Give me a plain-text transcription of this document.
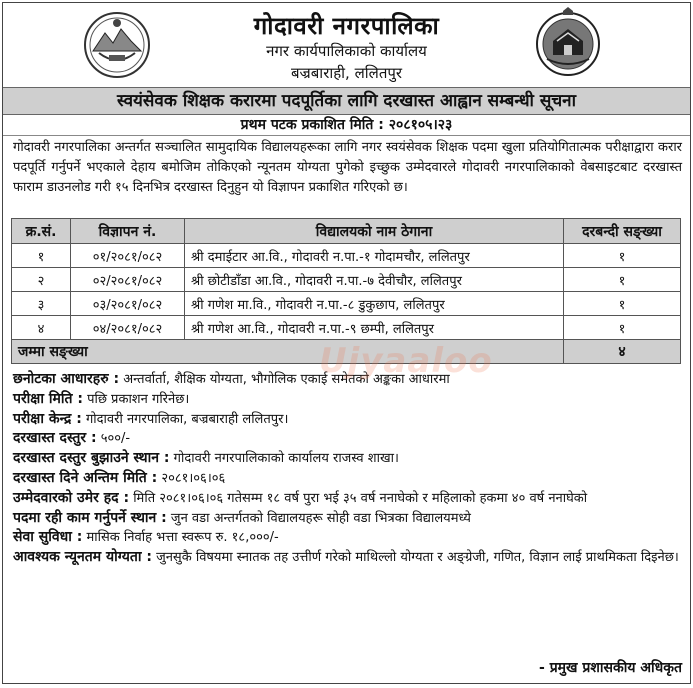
गोदावरी नगरपालिका
नगर कार्यपालिकाको कार्यालय
बज्रबाराही, ललितपुर
स्वयंसेवक शिक्षक करारमा पदपूर्तिका लागि दरखास्त आह्वान सम्बन्धी सूचना
प्रथम पटक प्रकाशित मिति : २०८१०५।२३
गोदावरी नगरपालिका अन्तर्गत सञ्चालित सामुदायिक विद्यालयहरूका लागि नगर स्वयंसेवक शिक्षक पदमा खुला प्रतियोगितात्मक परीक्षाद्वारा करार पदपूर्ति गर्नुपर्ने भएकाले देहाय बमोजिम तोकिएको न्यूनतम योग्यता पुगेको इच्छुक उम्मेदवारले गोदावरी नगरपालिकाको वेबसाइटबाट दरखास्त फाराम डाउनलोड गरी १५ दिनभित्र दरखास्त दिनुहुन यो विज्ञापन प्रकाशित गरिएको छ।
क्र.सं.	विज्ञापन नं.	विद्यालयको नाम ठेगाना	दरबन्दी सङ्ख्या
१	०१/२०८१/०८२	श्री दमाईटार आ.वि., गोदावरी न.पा.-१ गोदामचौर, ललितपुर	१
२	०२/२०८१/०८२	श्री छोटीडाँडा आ.वि., गोदावरी न.पा.-७ देवीचौर, ललितपुर	१
३	०३/२०८१/०८२	श्री गणेश मा.वि., गोदावरी न.पा.-८ डुकुछाप, ललितपुर	१
४	०४/२०८१/०८२	श्री गणेश आ.वि., गोदावरी न.पा.-९ छम्पी, ललितपुर	१
जम्मा सङ्ख्या			४

छनोटका आधारहरु : अन्तर्वार्ता, शैक्षिक योग्यता, भौगोलिक एकाई समेतको अङ्कका आधारमा

परीक्षा मिति : पछि प्रकाशन गरिनेछ।

परीक्षा केन्द्र : गोदावरी नगरपालिका, बज्रबाराही ललितपुर।

दरखास्त दस्तुर : ५००/-

दरखास्त दस्तुर बुझाउने स्थान : गोदावरी नगरपालिकाको कार्यालय राजस्व शाखा।

दरखास्त दिने अन्तिम मिति : २०८१।०६।०६

उम्मेदवारको उमेर हद : मिति २०८१।०६।०६ गतेसम्म १८ वर्ष पुरा भई ३५ वर्ष ननाघेको र महिलाको हकमा ४० वर्ष ननाघेको

पदमा रही काम गर्नुपर्ने स्थान : जुन वडा अन्तर्गतको विद्यालयहरू सोही वडा भित्रका विद्यालयमध्ये

सेवा सुविधा : मासिक निर्वाह भत्ता स्वरूप रु. १८,०००/-

आवश्यक न्यूनतम योग्यता : जुनसुकै विषयमा स्नातक तह उत्तीर्ण गरेको माथिल्लो योग्यता र अङ्ग्रेजी, गणित, विज्ञान लाई प्राथमिकता दिइनेछ।

- प्रमुख प्रशासकीय अधिकृत
Ujyaaloo
